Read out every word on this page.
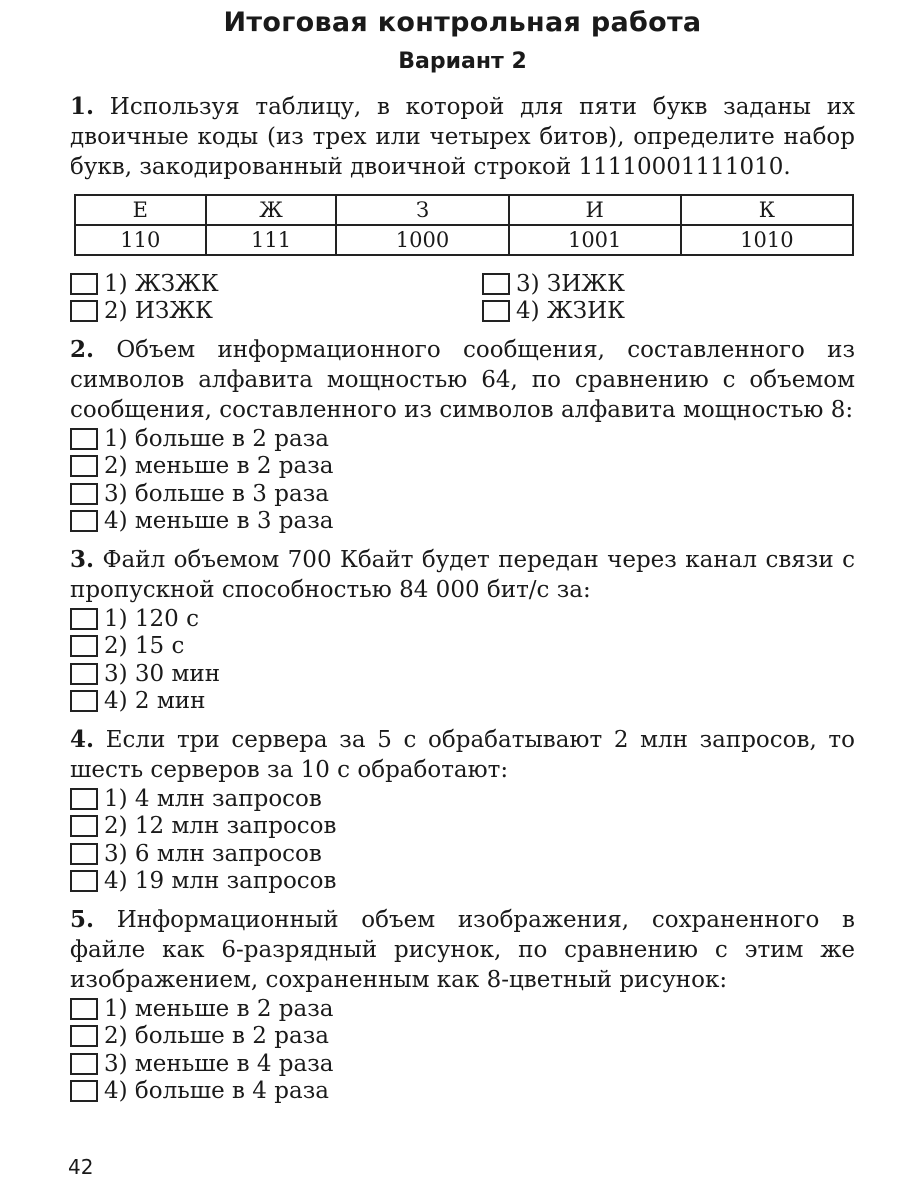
Итоговая контрольная работа
Вариант 2

1. Используя таблицу, в которой для пяти букв заданы их двоичные коды (из трех или четырех битов), определите набор букв, закодированный двоичной строкой 11110001111010.

Е	Ж	З	И	К
110	111	1000	1001	1010
1) ЖЗЖК	3) ЗИЖК
2) ИЗЖК	4) ЖЗИК

2. Объем информационного сообщения, составленного из символов алфавита мощностью 64, по сравнению с объемом сообщения, составленного из символов алфавита мощностью 8:

1) больше в 2 раза
2) меньше в 2 раза
3) больше в 3 раза
4) меньше в 3 раза

3. Файл объемом 700 Кбайт будет передан через канал связи с пропускной способностью 84 000 бит/с за:

1) 120 с
2) 15 с
3) 30 мин
4) 2 мин

4. Если три сервера за 5 с обрабатывают 2 млн запросов, то шесть серверов за 10 с обработают:

1) 4 млн запросов
2) 12 млн запросов
3) 6 млн запросов
4) 19 млн запросов

5. Информационный объем изображения, сохраненного в файле как 6-разрядный рисунок, по сравнению с этим же изображением, сохраненным как 8-цветный рисунок:

1) меньше в 2 раза
2) больше в 2 раза
3) меньше в 4 раза
4) больше в 4 раза
42
